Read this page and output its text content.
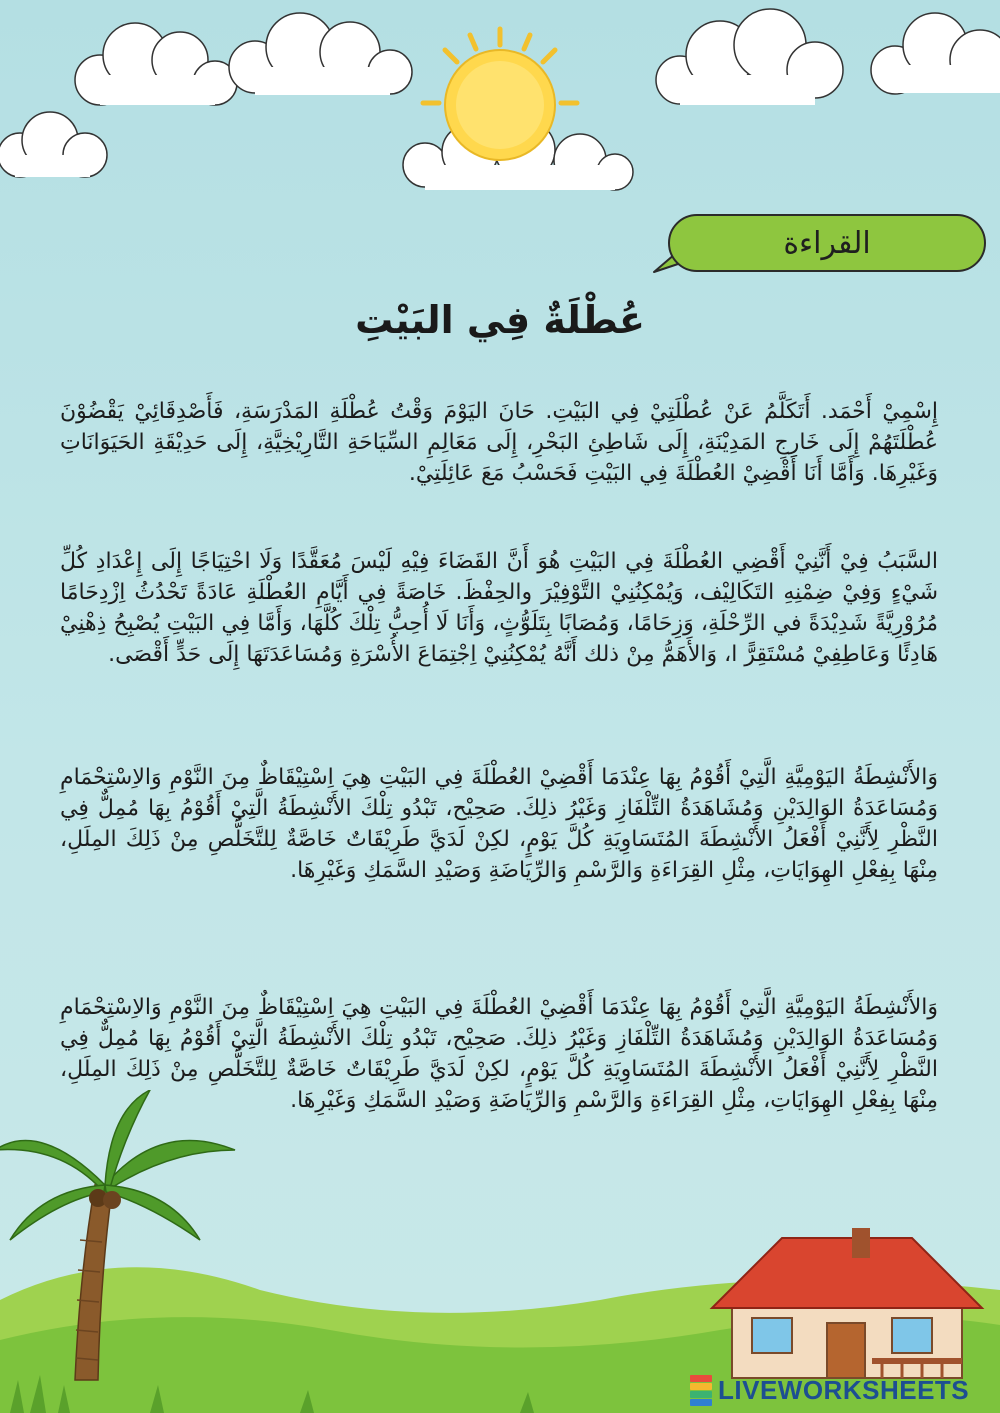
القراءة
عُطْلَةٌ فِي البَيْتِ
إِسْمِيْ أَحْمَد. أَتَكَلَّمُ عَنْ عُطْلَتِيْ فِي البَيْتِ. حَانَ اليَوْمَ وَقْتُ عُطْلَةِ المَدْرَسَةِ، فَأَصْدِقَائِيْ يَقْضُوْنَ عُطْلَتَهُمْ إِلَى خَارِجِ المَدِيْنَةِ، إِلَى شَاطِئِ البَحْرِ، إِلَى مَعَالِمِ السِّيَاحَةِ التَّارِيْخِيَّةِ، إِلَى حَدِيْقَةِ الحَيَوَانَاتِ وَغَيْرِهَا. وَأَمَّا أَنَا أَقْضِيْ العُطْلَةَ فِي البَيْتِ فَحَسْبُ مَعَ عَائِلَتِيْ.
السَّبَبُ فِيْ أَنَّنِيْ أَقْضِي العُطْلَةَ فِي البَيْتِ هُوَ أَنَّ القَضَاءَ فِيْهِ لَيْسَ مُعَقَّدًا وَلَا احْتِيَاجًا إِلَى إِعْدَادِ كُلِّ شَيْءٍ وَفِيْ ضِمْنِهِ التَكَالِيْف، وَيُمْكِنُنِيْ التَّوْفِيْرَ والحِفْظَ. خَاصَةً فِي أَيَّامِ العُطْلَةِ عَادَةً تَحْدُثُ اِزْدِحَامًا مُرُوْرِيَّةً شَدِيْدَةً في الرِّحْلَةِ، وَزِحَامًا، وَمُصَابًا بِتَلَوُّثٍ، وَأَنَا لَا أُحِبُّ تِلْكَ كُلَّهَا، وَأَمَّا فِي البَيْتِ يُصْبِحُ ذِهْنِيْ هَادِئًا وَعَاطِفِيْ مُسْتَقِرًّ ا، وَالأَهَمُّ مِنْ ذلك أَنَّهُ يُمْكِنُنِيْ اِجْتِمَاعَ الأُسْرَةِ وَمُسَاعَدَتَهَا إِلَى حَدٍّ أَقْصَى.
وَالأَنْشِطَةُ اليَوْمِيَّةِ الَّتِيْ أَقُوْمُ بِهَا عِنْدَمَا أَقْضِيْ العُطْلَةَ فِي البَيْتِ هِيَ اِسْتِيْقَاظٌ مِنَ النَّوْمِ وَالاِسْتِحْمَامِ وَمُسَاعَدَةُ الوَالِدَيْنِ وَمُشَاهَدَةُ التِّلْفَازِ وَغَيْرُ ذلِكَ. صَحِيْح، تَبْدُو تِلْكَ الأَنْشِطَةُ الَّتِيْ أَقُوْمُ بِهَا مُمِلٌّ فِي النَّظْرِ لِأَنَّنِيْ أَفْعَلُ الأَنْشِطَةَ المُتَسَاوِيَةِ كُلَّ يَوْمٍ، لكِنْ لَدَيَّ طَرِيْقَاتٌ خَاصَّةٌ لِلتَّخَلُّصِ مِنْ ذَلِكَ المِلَلِ، مِنْهَا بِفِعْلِ الهِوَايَاتِ، مِثْلِ القِرَاءَةِ وَالرَّسْمِ وَالرِّيَاضَةِ وَصَيْدِ السَّمَكِ وَغَيْرِهَا.
وَالأَنْشِطَةُ اليَوْمِيَّةِ الَّتِيْ أَقُوْمُ بِهَا عِنْدَمَا أَقْضِيْ العُطْلَةَ فِي البَيْتِ هِيَ اِسْتِيْقَاظٌ مِنَ النَّوْمِ وَالاِسْتِحْمَامِ وَمُسَاعَدَةُ الوَالِدَيْنِ وَمُشَاهَدَةُ التِّلْفَازِ وَغَيْرُ ذلِكَ. صَحِيْح، تَبْدُو تِلْكَ الأَنْشِطَةُ الَّتِيْ أَقُوْمُ بِهَا مُمِلٌّ فِي النَّظْرِ لِأَنَّنِيْ أَفْعَلُ الأَنْشِطَةَ المُتَسَاوِيَةِ كُلَّ يَوْمٍ، لكِنْ لَدَيَّ طَرِيْقَاتٌ خَاصَّةٌ لِلتَّخَلُّصِ مِنْ ذَلِكَ المِلَلِ، مِنْهَا بِفِعْلِ الهِوَايَاتِ، مِثْلِ القِرَاءَةِ وَالرَّسْمِ وَالرِّيَاضَةِ وَصَيْدِ السَّمَكِ وَغَيْرِهَا.
LIVEWORKSHEETS
